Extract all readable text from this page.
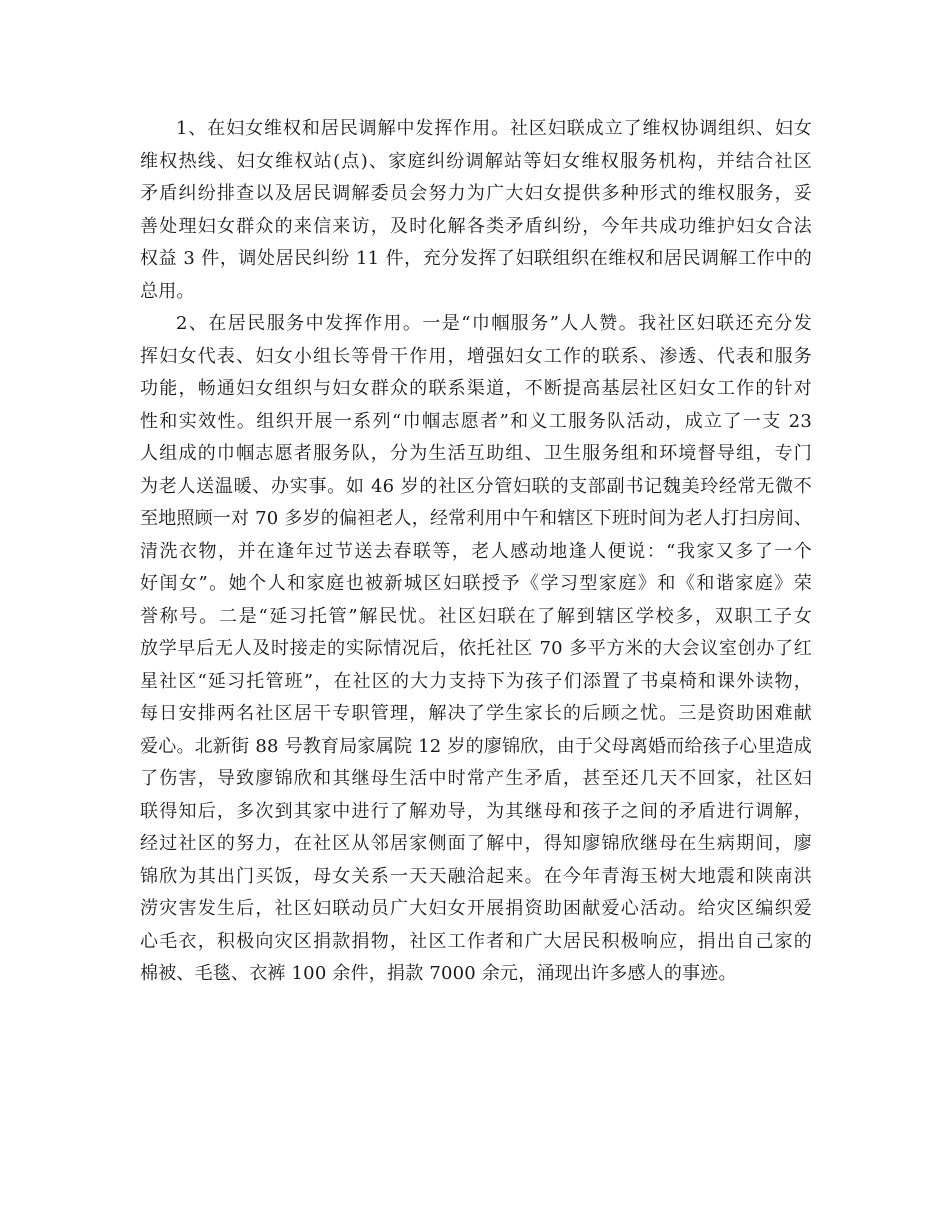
1、在妇女维权和居民调解中发挥作用。社区妇联成立了维权协调组织、妇女
维权热线、妇女维权站(点)、家庭纠纷调解站等妇女维权服务机构，并结合社区
矛盾纠纷排查以及居民调解委员会努力为广大妇女提供多种形式的维权服务，妥
善处理妇女群众的来信来访，及时化解各类矛盾纠纷，今年共成功维护妇女合法
权益 3 件，调处居民纠纷 11 件，充分发挥了妇联组织在维权和居民调解工作中的
总用。
2、在居民服务中发挥作用。一是“巾帼服务”人人赞。我社区妇联还充分发
挥妇女代表、妇女小组长等骨干作用，增强妇女工作的联系、渗透、代表和服务
功能，畅通妇女组织与妇女群众的联系渠道，不断提高基层社区妇女工作的针对
性和实效性。组织开展一系列“巾帼志愿者”和义工服务队活动，成立了一支 23
人组成的巾帼志愿者服务队，分为生活互助组、卫生服务组和环境督导组，专门
为老人送温暖、办实事。如 46 岁的社区分管妇联的支部副书记魏美玲经常无微不
至地照顾一对 70 多岁的偏袒老人，经常利用中午和辖区下班时间为老人打扫房间、
清洗衣物，并在逢年过节送去春联等，老人感动地逢人便说：“我家又多了一个
好闺女”。她个人和家庭也被新城区妇联授予《学习型家庭》和《和谐家庭》荣
誉称号。二是“延习托管”解民忧。社区妇联在了解到辖区学校多，双职工子女
放学早后无人及时接走的实际情况后，依托社区 70 多平方米的大会议室创办了红
星社区“延习托管班”，在社区的大力支持下为孩子们添置了书桌椅和课外读物，
每日安排两名社区居干专职管理，解决了学生家长的后顾之忧。三是资助困难献
爱心。北新街 88 号教育局家属院 12 岁的廖锦欣，由于父母离婚而给孩子心里造成
了伤害，导致廖锦欣和其继母生活中时常产生矛盾，甚至还几天不回家，社区妇
联得知后，多次到其家中进行了解劝导，为其继母和孩子之间的矛盾进行调解，
经过社区的努力，在社区从邻居家侧面了解中，得知廖锦欣继母在生病期间，廖
锦欣为其出门买饭，母女关系一天天融洽起来。在今年青海玉树大地震和陕南洪
涝灾害发生后，社区妇联动员广大妇女开展捐资助困献爱心活动。给灾区编织爱
心毛衣，积极向灾区捐款捐物，社区工作者和广大居民积极响应，捐出自己家的
棉被、毛毯、衣裤 100 余件，捐款 7000 余元，涌现出许多感人的事迹。
